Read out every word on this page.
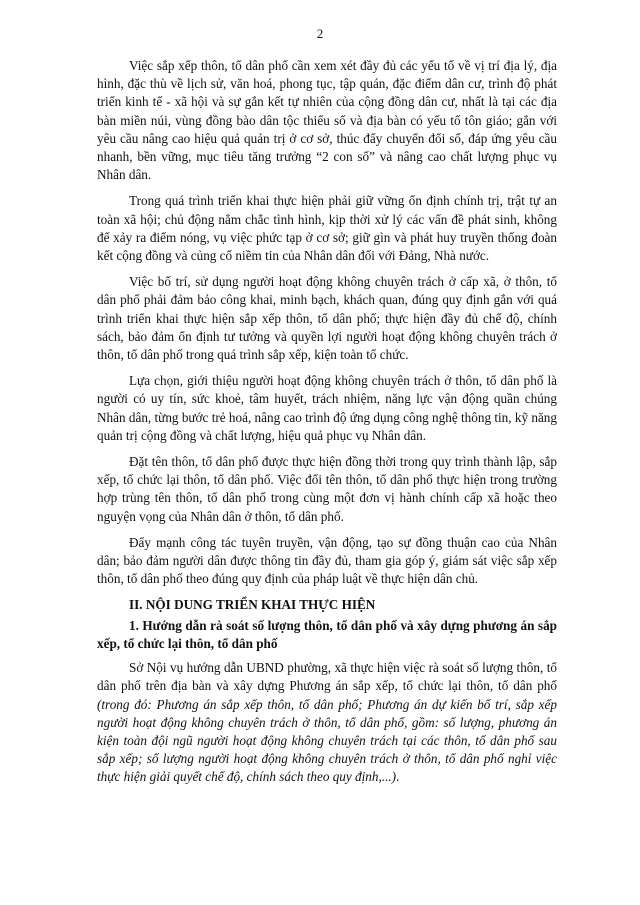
2

Việc sắp xếp thôn, tổ dân phố cần xem xét đầy đủ các yếu tố về vị trí địa lý, địa hình, đặc thù về lịch sử, văn hoá, phong tục, tập quán, đặc điểm dân cư, trình độ phát triển kinh tế - xã hội và sự gắn kết tự nhiên của cộng đồng dân cư, nhất là tại các địa bàn miền núi, vùng đồng bào dân tộc thiểu số và địa bàn có yếu tố tôn giáo; gắn với yêu cầu nâng cao hiệu quả quản trị ở cơ sở, thúc đẩy chuyển đổi số, đáp ứng yêu cầu nhanh, bền vững, mục tiêu tăng trưởng “2 con số” và nâng cao chất lượng phục vụ Nhân dân.

Trong quá trình triển khai thực hiện phải giữ vững ổn định chính trị, trật tự an toàn xã hội; chủ động nắm chắc tình hình, kịp thời xử lý các vấn đề phát sinh, không để xảy ra điểm nóng, vụ việc phức tạp ở cơ sở; giữ gìn và phát huy truyền thống đoàn kết cộng đồng và củng cố niềm tin của Nhân dân đối với Đảng, Nhà nước.

Việc bố trí, sử dụng người hoạt động không chuyên trách ở cấp xã, ở thôn, tổ dân phố phải đảm bảo công khai, minh bạch, khách quan, đúng quy định gắn với quá trình triển khai thực hiện sắp xếp thôn, tổ dân phố; thực hiện đầy đủ chế độ, chính sách, bảo đảm ổn định tư tưởng và quyền lợi người hoạt động không chuyên trách ở thôn, tổ dân phố trong quá trình sắp xếp, kiện toàn tổ chức.

Lựa chọn, giới thiệu người hoạt động không chuyên trách ở thôn, tổ dân phố là người có uy tín, sức khoẻ, tâm huyết, trách nhiệm, năng lực vận động quần chúng Nhân dân, từng bước trẻ hoá, nâng cao trình độ ứng dụng công nghệ thông tin, kỹ năng quản trị cộng đồng và chất lượng, hiệu quả phục vụ Nhân dân.

Đặt tên thôn, tổ dân phố được thực hiện đồng thời trong quy trình thành lập, sắp xếp, tổ chức lại thôn, tổ dân phố. Việc đổi tên thôn, tổ dân phố thực hiện trong trường hợp trùng tên thôn, tổ dân phố trong cùng một đơn vị hành chính cấp xã hoặc theo nguyện vọng của Nhân dân ở thôn, tổ dân phố.

Đẩy mạnh công tác tuyên truyền, vận động, tạo sự đồng thuận cao của Nhân dân; bảo đảm người dân được thông tin đầy đủ, tham gia góp ý, giám sát việc sắp xếp thôn, tổ dân phố theo đúng quy định của pháp luật về thực hiện dân chủ.

II. NỘI DUNG TRIỂN KHAI THỰC HIỆN
1. Hướng dẫn rà soát số lượng thôn, tổ dân phố và xây dựng phương án sắp xếp, tổ chức lại thôn, tổ dân phố

Sở Nội vụ hướng dẫn UBND phường, xã thực hiện việc rà soát số lượng thôn, tổ dân phố trên địa bàn và xây dựng Phương án sắp xếp, tổ chức lại thôn, tổ dân phố (trong đó: Phương án sắp xếp thôn, tổ dân phố; Phương án dự kiến bố trí, sắp xếp người hoạt động không chuyên trách ở thôn, tổ dân phố, gồm: số lượng, phương án kiện toàn đội ngũ người hoạt động không chuyên trách tại các thôn, tổ dân phố sau sắp xếp; số lượng người hoạt động không chuyên trách ở thôn, tổ dân phố nghỉ việc thực hiện giải quyết chế độ, chính sách theo quy định,...).
